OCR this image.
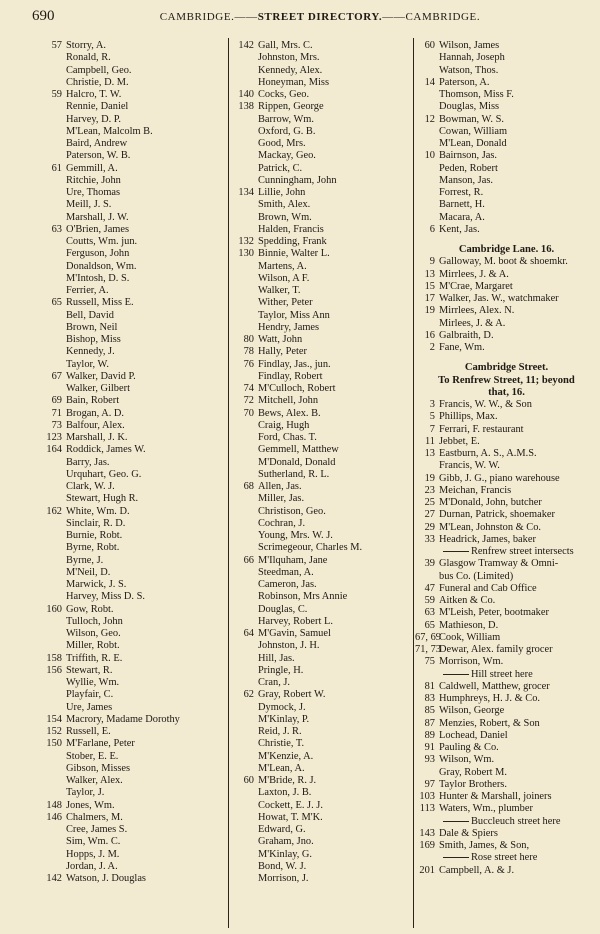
690	CAMBRIDGE.——STREET DIRECTORY.——CAMBRIDGE.
57 Storry, A.
Ronald, R.
Campbell, Geo.
Christie, D. M.
59 Halcro, T. W.
Rennie, Daniel
Harvey, D. P.
M'Lean, Malcolm B.
Baird, Andrew
Paterson, W. B.
61 Gemmill, A.
Ritchie, John
Ure, Thomas
Meill, J. S.
Marshall, J. W.
63 O'Brien, James
Coutts, Wm. jun.
Ferguson, John
Donaldson, Wm.
M'Intosh, D. S.
Ferrier, A.
65 Russell, Miss E.
Bell, David
Brown, Neil
Bishop, Miss
Kennedy, J.
Taylor, W.
67 Walker, David P.
Walker, Gilbert
69 Bain, Robert
71 Brogan, A. D.
73 Balfour, Alex.
123 Marshall, J. K.
164 Roddick, James W.
Barry, Jas.
Urquhart, Geo. G.
Clark, W. J.
Stewart, Hugh R.
162 White, Wm. D.
Sinclair, R. D.
Burnie, Robt.
Byrne, Robt.
Byrne, J.
M'Neil, D.
Marwick, J. S.
Harvey, Miss D. S.
160 Gow, Robt.
Tulloch, John
Wilson, Geo.
Miller, Robt.
158 Triffith, R. E.
156 Stewart, R.
Wyllie, Wm.
Playfair, C.
Ure, James
154 Macrory, Madame Dorothy
152 Russell, E.
150 M'Farlane, Peter
Stober, E. E.
Gibson, Misses
Walker, Alex.
Taylor, J.
148 Jones, Wm.
146 Chalmers, M.
Cree, James S.
Sim, Wm. C.
Hopps, J. M.
Jordan, J. A.
142 Watson, J. Douglas
142 Gall, Mrs. C.
Johnston, Mrs.
Kennedy, Alex.
Honeyman, Miss
140 Cocks, Geo.
138 Rippen, George
Barrow, Wm.
Oxford, G. B.
Good, Mrs.
Mackay, Geo.
Patrick, C.
Cunningham, John
134 Lillie, John
Smith, Alex.
Brown, Wm.
Halden, Francis
132 Spedding, Frank
130 Binnie, Walter L.
Martens, A.
Wilson, A F.
Walker, T.
Wither, Peter
Taylor, Miss Ann
Hendry, James
80 Watt, John
78 Hally, Peter
76 Findlay, Jas., jun.
Findlay, Robert
74 M'Culloch, Robert
72 Mitchell, John
70 Bews, Alex. B.
Craig, Hugh
Ford, Chas. T.
Gemmell, Matthew
M'Donald, Donald
Sutherland, R. L.
68 Allen, Jas.
Miller, Jas.
Christison, Geo.
Cochran, J.
Young, Mrs. W. J.
Scrimegeour, Charles M.
66 M'Ilquham, Jane
Steedman, A.
Cameron, Jas.
Robinson, Mrs Annie
Douglas, C.
Harvey, Robert L.
64 M'Gavin, Samuel
Johnston, J. H.
Hill, Jas.
Pringle, H.
Cran, J.
62 Gray, Robert W.
Dymock, J.
M'Kinlay, P.
Reid, J. R.
Christie, T.
M'Kenzie, A.
M'Lean, A.
60 M'Bride, R. J.
Laxton, J. B.
Cockett, E. J. J.
Howat, T. M'K.
Edward, G.
Graham, Jno.
M'Kinlay, G.
Bond, W. J.
Morrison, J.
60 Wilson, James
Hannah, Joseph
Watson, Thos.
14 Paterson, A.
Thomson, Miss F.
Douglas, Miss
12 Bowman, W. S.
Cowan, William
M'Lean, Donald
10 Bairnson, Jas.
Peden, Robert
Manson, Jas.
Forrest, R.
Barnett, H.
Macara, A.
6 Kent, Jas.
Cambridge Lane. 16.
9 Galloway, M. boot & shoemkr.
13 Mirrlees, J. & A.
15 M'Crae, Margaret
17 Walker, Jas. W., watchmaker
19 Mirrlees, Alex. N.
Mirlees, J. & A.
16 Galbraith, D.
2 Fane, Wm.
Cambridge Street.
To Renfrew Street, 11; beyond
that, 16.
3 Francis, W. W., & Son
5 Phillips, Max.
7 Ferrari, F. restaurant
11 Jebbet, E.
13 Eastburn, A. S., A.M.S.
Francis, W. W.
19 Gibb, J. G., piano warehouse
23 Meichan, Francis
25 M'Donald, John, butcher
27 Durnan, Patrick, shoemaker
29 M'Lean, Johnston & Co.
33 Headrick, James, baker
Renfrew street intersects
39 Glasgow Tramway & Omni-
bus Co. (Limited)
47 Funeral and Cab Office
59 Aitken & Co.
63 M'Leish, Peter, bootmaker
65 Mathieson, D.
67, 69Cook, William
71, 73Dewar, Alex. family grocer
75 Morrison, Wm.
Hill street here
81 Caldwell, Matthew, grocer
83 Humphreys, H. J. & Co.
85 Wilson, George
87 Menzies, Robert, & Son
89 Lochead, Daniel
91 Pauling & Co.
93 Wilson, Wm.
Gray, Robert M.
97 Taylor Brothers.
103 Hunter & Marshall, joiners
113 Waters, Wm., plumber
Buccleuch street here
143 Dale & Spiers
169 Smith, James, & Son,
Rose street here
201 Campbell, A. & J.
